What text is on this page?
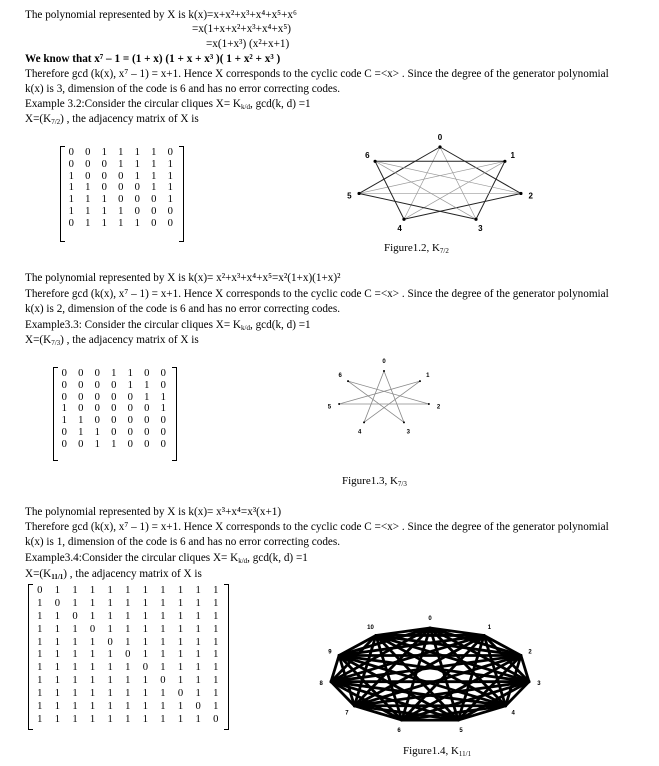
The polynomial represented by X is k(x)=x+x²+x³+x⁴+x⁵+x⁶
=x(1+x+x²+x³+x⁴+x⁵)
=x(1+x³) (x²+x+1)
We know that x⁷ – 1 = (1 + x) (1 + x + x³ )( 1 + x² + x³ )
Therefore gcd (k(x), x⁷ – 1) = x+1. Hence X corresponds to the cyclic code C =<x> . Since the degree of the generator polynomial
k(x) is 3, dimension of the code is 6 and has no error correcting codes.
Example 3.2:Consider the circular cliques $X= K_{k/d}$, gcd(k, d) =1
$X=(K_{7/2})$ , the adjacency matrix of X is
0	0	1	1	1	1	0
0	0	0	1	1	1	1
1	0	0	0	1	1	1
1	1	0	0	0	1	1
1	1	1	0	0	0	1
1	1	1	1	0	0	0
0	1	1	1	1	0	0
Figure1.2, $K_{7/2}$
The polynomial represented by X is k(x)= x²+x³+x⁴+x⁵=x²(1+x)(1+x)²
Therefore gcd (k(x), x⁷ – 1) = x+1. Hence X corresponds to the cyclic code C =<x> . Since the degree of the generator polynomial
k(x) is 2, dimension of the code is 6 and has no error correcting codes.
Example3.3: Consider the circular cliques $X= K_{k/d}$, gcd(k, d) =1
$X=(K_{7/3})$ , the adjacency matrix of X is
0	0	0	1	1	0	0
0	0	0	0	1	1	0
0	0	0	0	0	1	1
1	0	0	0	0	0	1
1	1	0	0	0	0	0
0	1	1	0	0	0	0
0	0	1	1	0	0	0
Figure1.3, $K_{7/3}$
The polynomial represented by X is k(x)= x³+x⁴=x³(x+1)
Therefore gcd (k(x), x⁷ – 1) = x+1. Hence X corresponds to the cyclic code C =<x> . Since the degree of the generator polynomial
k(x) is 1, dimension of the code is 6 and has no error correcting codes.
Example3.4:Consider the circular cliques $X= K_{k/d}$, gcd(k, d) =1
$X=(K_{11/1})$ , the adjacency matrix of X is
0	1	1	1	1	1	1	1	1	1	1
1	0	1	1	1	1	1	1	1	1	1
1	1	0	1	1	1	1	1	1	1	1
1	1	1	0	1	1	1	1	1	1	1
1	1	1	1	0	1	1	1	1	1	1
1	1	1	1	1	0	1	1	1	1	1
1	1	1	1	1	1	0	1	1	1	1
1	1	1	1	1	1	1	0	1	1	1
1	1	1	1	1	1	1	1	0	1	1
1	1	1	1	1	1	1	1	1	0	1
1	1	1	1	1	1	1	1	1	1	0
Figure1.4, $K_{11/1}$
0
1
2
3
4
5
6
0
1
2
3
4
5
6
0
1
2
3
4
5
6
7
8
9
10
